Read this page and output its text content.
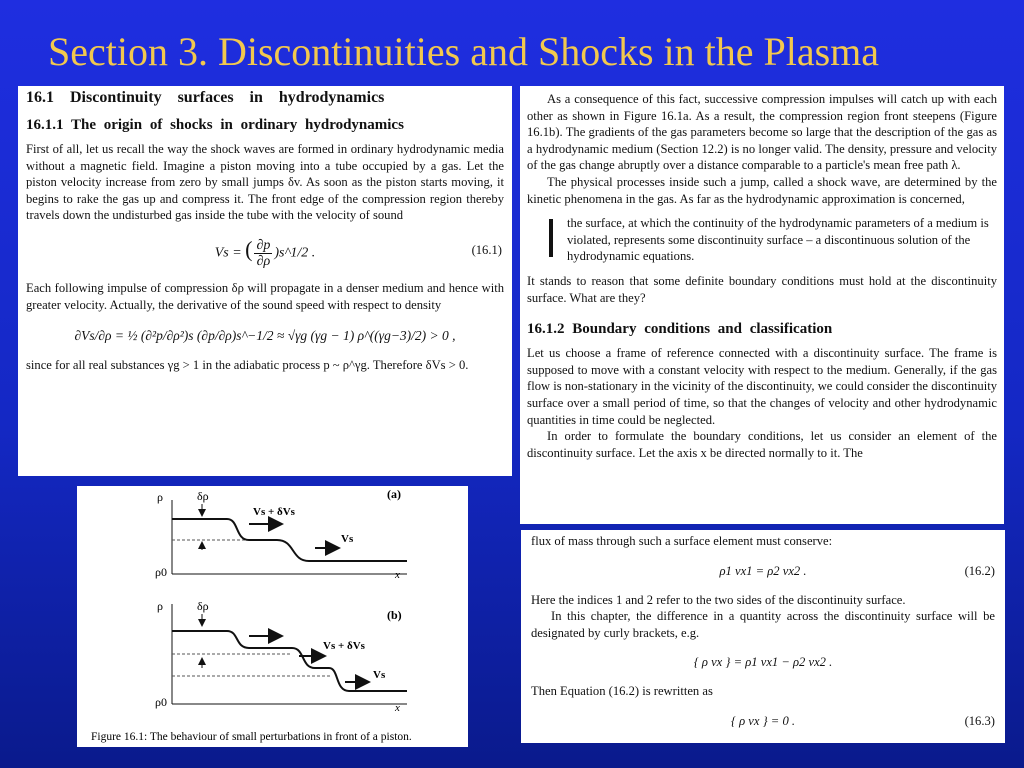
Section 3. Discontinuities and Shocks in the Plasma
16.1 Discontinuity surfaces in hydrodynamics
16.1.1 The origin of shocks in ordinary hydrodynamics

First of all, let us recall the way the shock waves are formed in ordinary hydrodynamic media without a magnetic field. Imagine a piston moving into a tube occupied by a gas. Let the piston velocity increase from zero by small jumps δv. As soon as the piston starts moving, it begins to rake the gas up and compress it. The front edge of the compression region thereby travels down the undisturbed gas inside the tube with the velocity of sound

Vs = ( $\frac{\partial p}{\partial\rho}$ )s^1/2 .	(16.1)

Each following impulse of compression δρ will propagate in a denser medium and hence with greater velocity. Actually, the derivative of the sound speed with respect to density

∂Vs/∂ρ = ½ (∂²p/∂ρ²)s (∂p/∂ρ)s^−1/2 ≈ √γg (γg − 1) ρ^((γg−3)/2) > 0 ,

since for all real substances γg > 1 in the adiabatic process p ~ ρ^γg. Therefore δVs > 0.

As a consequence of this fact, successive compression impulses will catch up with each other as shown in Figure 16.1a. As a result, the compression region front steepens (Figure 16.1b). The gradients of the gas parameters become so large that the description of the gas as a hydrodynamic medium (Section 12.2) is no longer valid. The density, pressure and velocity of the gas change abruptly over a distance comparable to a particle's mean free path λ.

The physical processes inside such a jump, called a shock wave, are determined by the kinetic phenomena in the gas. As far as the hydrodynamic approximation is concerned,

the surface, at which the continuity of the hydrodynamic parameters of a medium is violated, represents some discontinuity surface – a discontinuous solution of the hydrodynamic equations.

It stands to reason that some definite boundary conditions must hold at the discontinuity surface. What are they?

16.1.2 Boundary conditions and classification

Let us choose a frame of reference connected with a discontinuity surface. The frame is supposed to move with a constant velocity with respect to the medium. Generally, if the gas flow is non-stationary in the vicinity of the discontinuity, we could consider the discontinuity surface over a small period of time, so that the changes of velocity and other hydrodynamic quantities in time could be neglected.

In order to formulate the boundary conditions, let us consider an element of the discontinuity surface. Let the axis x be directed normally to it. The

flux of mass through such a surface element must conserve:

ρ1 vx1 = ρ2 vx2 .	(16.2)

Here the indices 1 and 2 refer to the two sides of the discontinuity surface.

In this chapter, the difference in a quantity across the discontinuity surface will be designated by curly brackets, e.g.

{ ρ vx } = ρ1 vx1 − ρ2 vx2 .

Then Equation (16.2) is rewritten as

{ ρ vx } = 0 .	(16.3)
ρ
ρ0
δρ	(a)
x
Vs + δVs
Vs
ρ
ρ0
δρ
(b)
x
Vs + δVs
Vs
Figure 16.1: The behaviour of small perturbations in front of a piston.
